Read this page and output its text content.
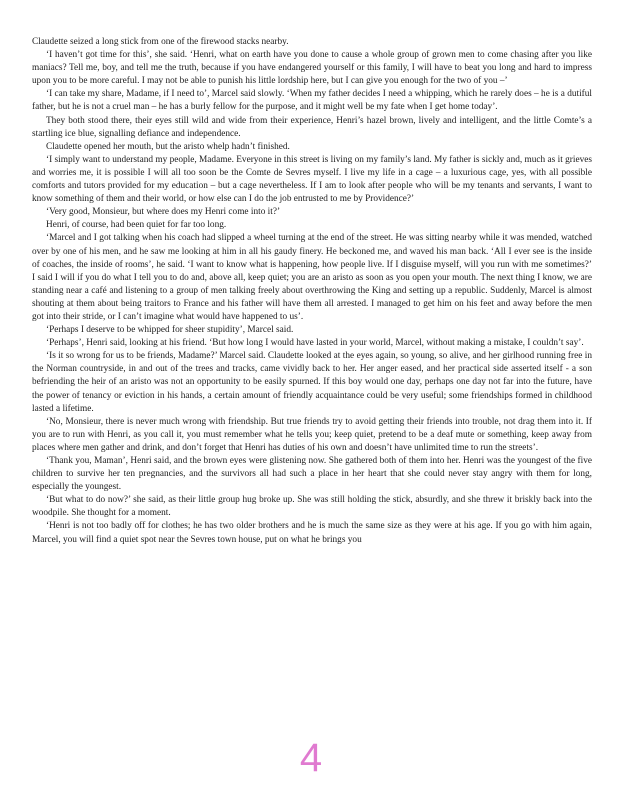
Claudette seized a long stick from one of the firewood stacks nearby.

‘I haven’t got time for this’, she said. ‘Henri, what on earth have you done to cause a whole group of grown men to come chasing after you like maniacs? Tell me, boy, and tell me the truth, because if you have endangered yourself or this family, I will have to beat you long and hard to impress upon you to be more careful. I may not be able to punish his little lordship here, but I can give you enough for the two of you –’

‘I can take my share, Madame, if I need to’, Marcel said slowly. ‘When my father decides I need a whipping, which he rarely does – he is a dutiful father, but he is not a cruel man – he has a burly fellow for the purpose, and it might well be my fate when I get home today’.

They both stood there, their eyes still wild and wide from their experience, Henri’s hazel brown, lively and intelligent, and the little Comte’s a startling ice blue, signalling defiance and independence.

Claudette opened her mouth, but the aristo whelp hadn’t finished.

‘I simply want to understand my people, Madame. Everyone in this street is living on my family’s land. My father is sickly and, much as it grieves and worries me, it is possible I will all too soon be the Comte de Sevres myself. I live my life in a cage – a luxurious cage, yes, with all possible comforts and tutors provided for my education – but a cage nevertheless. If I am to look after people who will be my tenants and servants, I want to know something of them and their world, or how else can I do the job entrusted to me by Providence?’

‘Very good, Monsieur, but where does my Henri come into it?’

Henri, of course, had been quiet for far too long.

‘Marcel and I got talking when his coach had slipped a wheel turning at the end of the street. He was sitting nearby while it was mended, watched over by one of his men, and he saw me looking at him in all his gaudy finery. He beckoned me, and waved his man back. ‘All I ever see is the inside of coaches, the inside of rooms’, he said. ‘I want to know what is happening, how people live. If I disguise myself, will you run with me sometimes?’ I said I will if you do what I tell you to do and, above all, keep quiet; you are an aristo as soon as you open your mouth. The next thing I know, we are standing near a café and listening to a group of men talking freely about overthrowing the King and setting up a republic. Suddenly, Marcel is almost shouting at them about being traitors to France and his father will have them all arrested. I managed to get him on his feet and away before the men got into their stride, or I can’t imagine what would have happened to us’.

‘Perhaps I deserve to be whipped for sheer stupidity’, Marcel said.

‘Perhaps’, Henri said, looking at his friend. ‘But how long I would have lasted in your world, Marcel, without making a mistake, I couldn’t say’.

‘Is it so wrong for us to be friends, Madame?’ Marcel said. Claudette looked at the eyes again, so young, so alive, and her girlhood running free in the Norman countryside, in and out of the trees and tracks, came vividly back to her. Her anger eased, and her practical side asserted itself - a son befriending the heir of an aristo was not an opportunity to be easily spurned. If this boy would one day, perhaps one day not far into the future, have the power of tenancy or eviction in his hands, a certain amount of friendly acquaintance could be very useful; some friendships formed in childhood lasted a lifetime.

‘No, Monsieur, there is never much wrong with friendship. But true friends try to avoid getting their friends into trouble, not drag them into it. If you are to run with Henri, as you call it, you must remember what he tells you; keep quiet, pretend to be a deaf mute or something, keep away from places where men gather and drink, and don’t forget that Henri has duties of his own and doesn’t have unlimited time to run the streets’.

‘Thank you, Maman’, Henri said, and the brown eyes were glistening now. She gathered both of them into her. Henri was the youngest of the five children to survive her ten pregnancies, and the survivors all had such a place in her heart that she could never stay angry with them for long, especially the youngest.

‘But what to do now?’ she said, as their little group hug broke up. She was still holding the stick, absurdly, and she threw it briskly back into the woodpile. She thought for a moment.

‘Henri is not too badly off for clothes; he has two older brothers and he is much the same size as they were at his age. If you go with him again, Marcel, you will find a quiet spot near the Sevres town house, put on what he brings you

4
